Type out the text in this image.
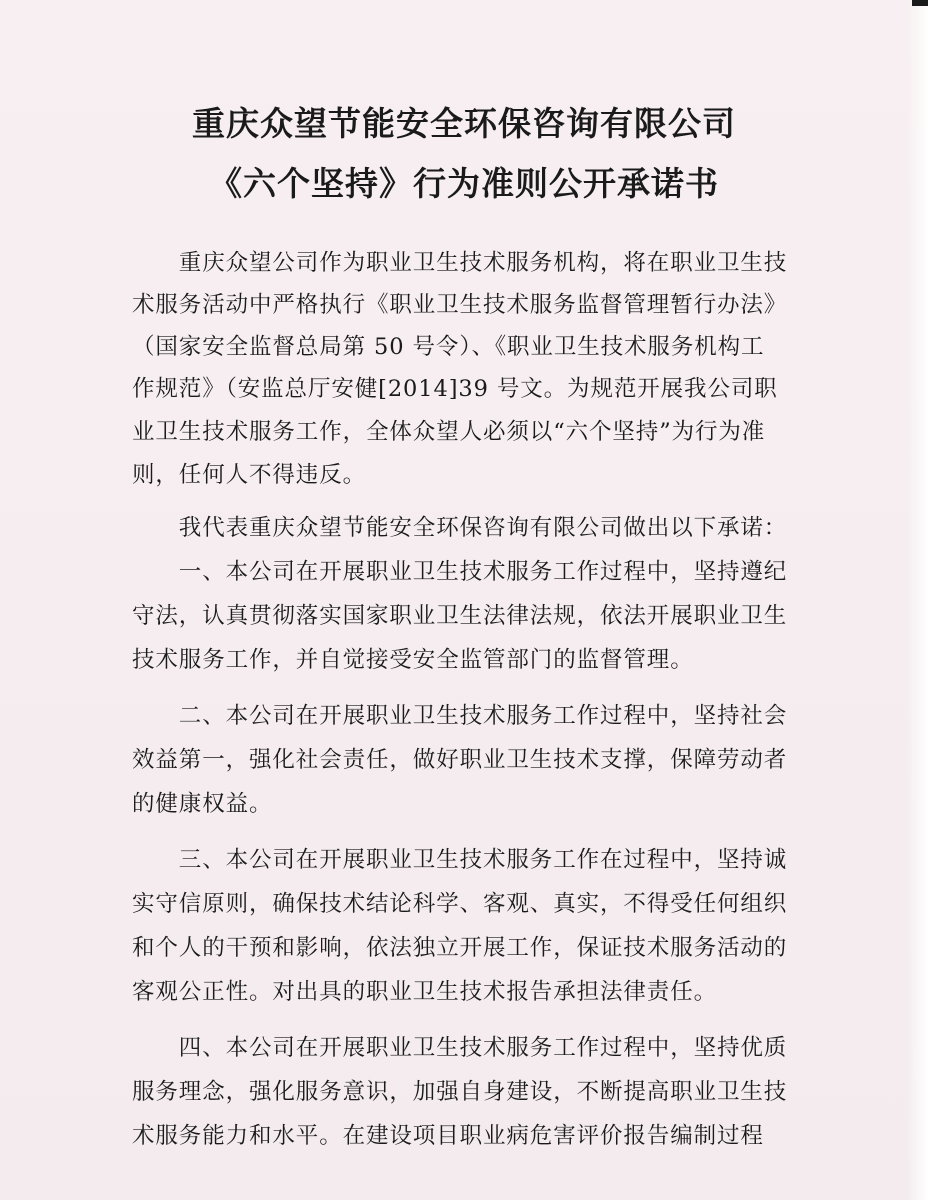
重庆众望节能安全环保咨询有限公司
《六个坚持》行为准则公开承诺书
　　重庆众望公司作为职业卫生技术服务机构，将在职业卫生技
术服务活动中严格执行《职业卫生技术服务监督管理暂行办法》
（国家安全监督总局第 50 号令）、《职业卫生技术服务机构工
作规范》（安监总厅安健[2014]39 号文。为规范开展我公司职
业卫生技术服务工作，全体众望人必须以“六个坚持”为行为准
则，任何人不得违反。
　　我代表重庆众望节能安全环保咨询有限公司做出以下承诺：
　　一、本公司在开展职业卫生技术服务工作过程中，坚持遵纪
守法，认真贯彻落实国家职业卫生法律法规，依法开展职业卫生
技术服务工作，并自觉接受安全监管部门的监督管理。
　　二、本公司在开展职业卫生技术服务工作过程中，坚持社会
效益第一，强化社会责任，做好职业卫生技术支撑，保障劳动者
的健康权益。
　　三、本公司在开展职业卫生技术服务工作在过程中，坚持诚
实守信原则，确保技术结论科学、客观、真实，不得受任何组织
和个人的干预和影响，依法独立开展工作，保证技术服务活动的
客观公正性。对出具的职业卫生技术报告承担法律责任。
　　四、本公司在开展职业卫生技术服务工作过程中，坚持优质
服务理念，强化服务意识，加强自身建设，不断提高职业卫生技
术服务能力和水平。在建设项目职业病危害评价报告编制过程
